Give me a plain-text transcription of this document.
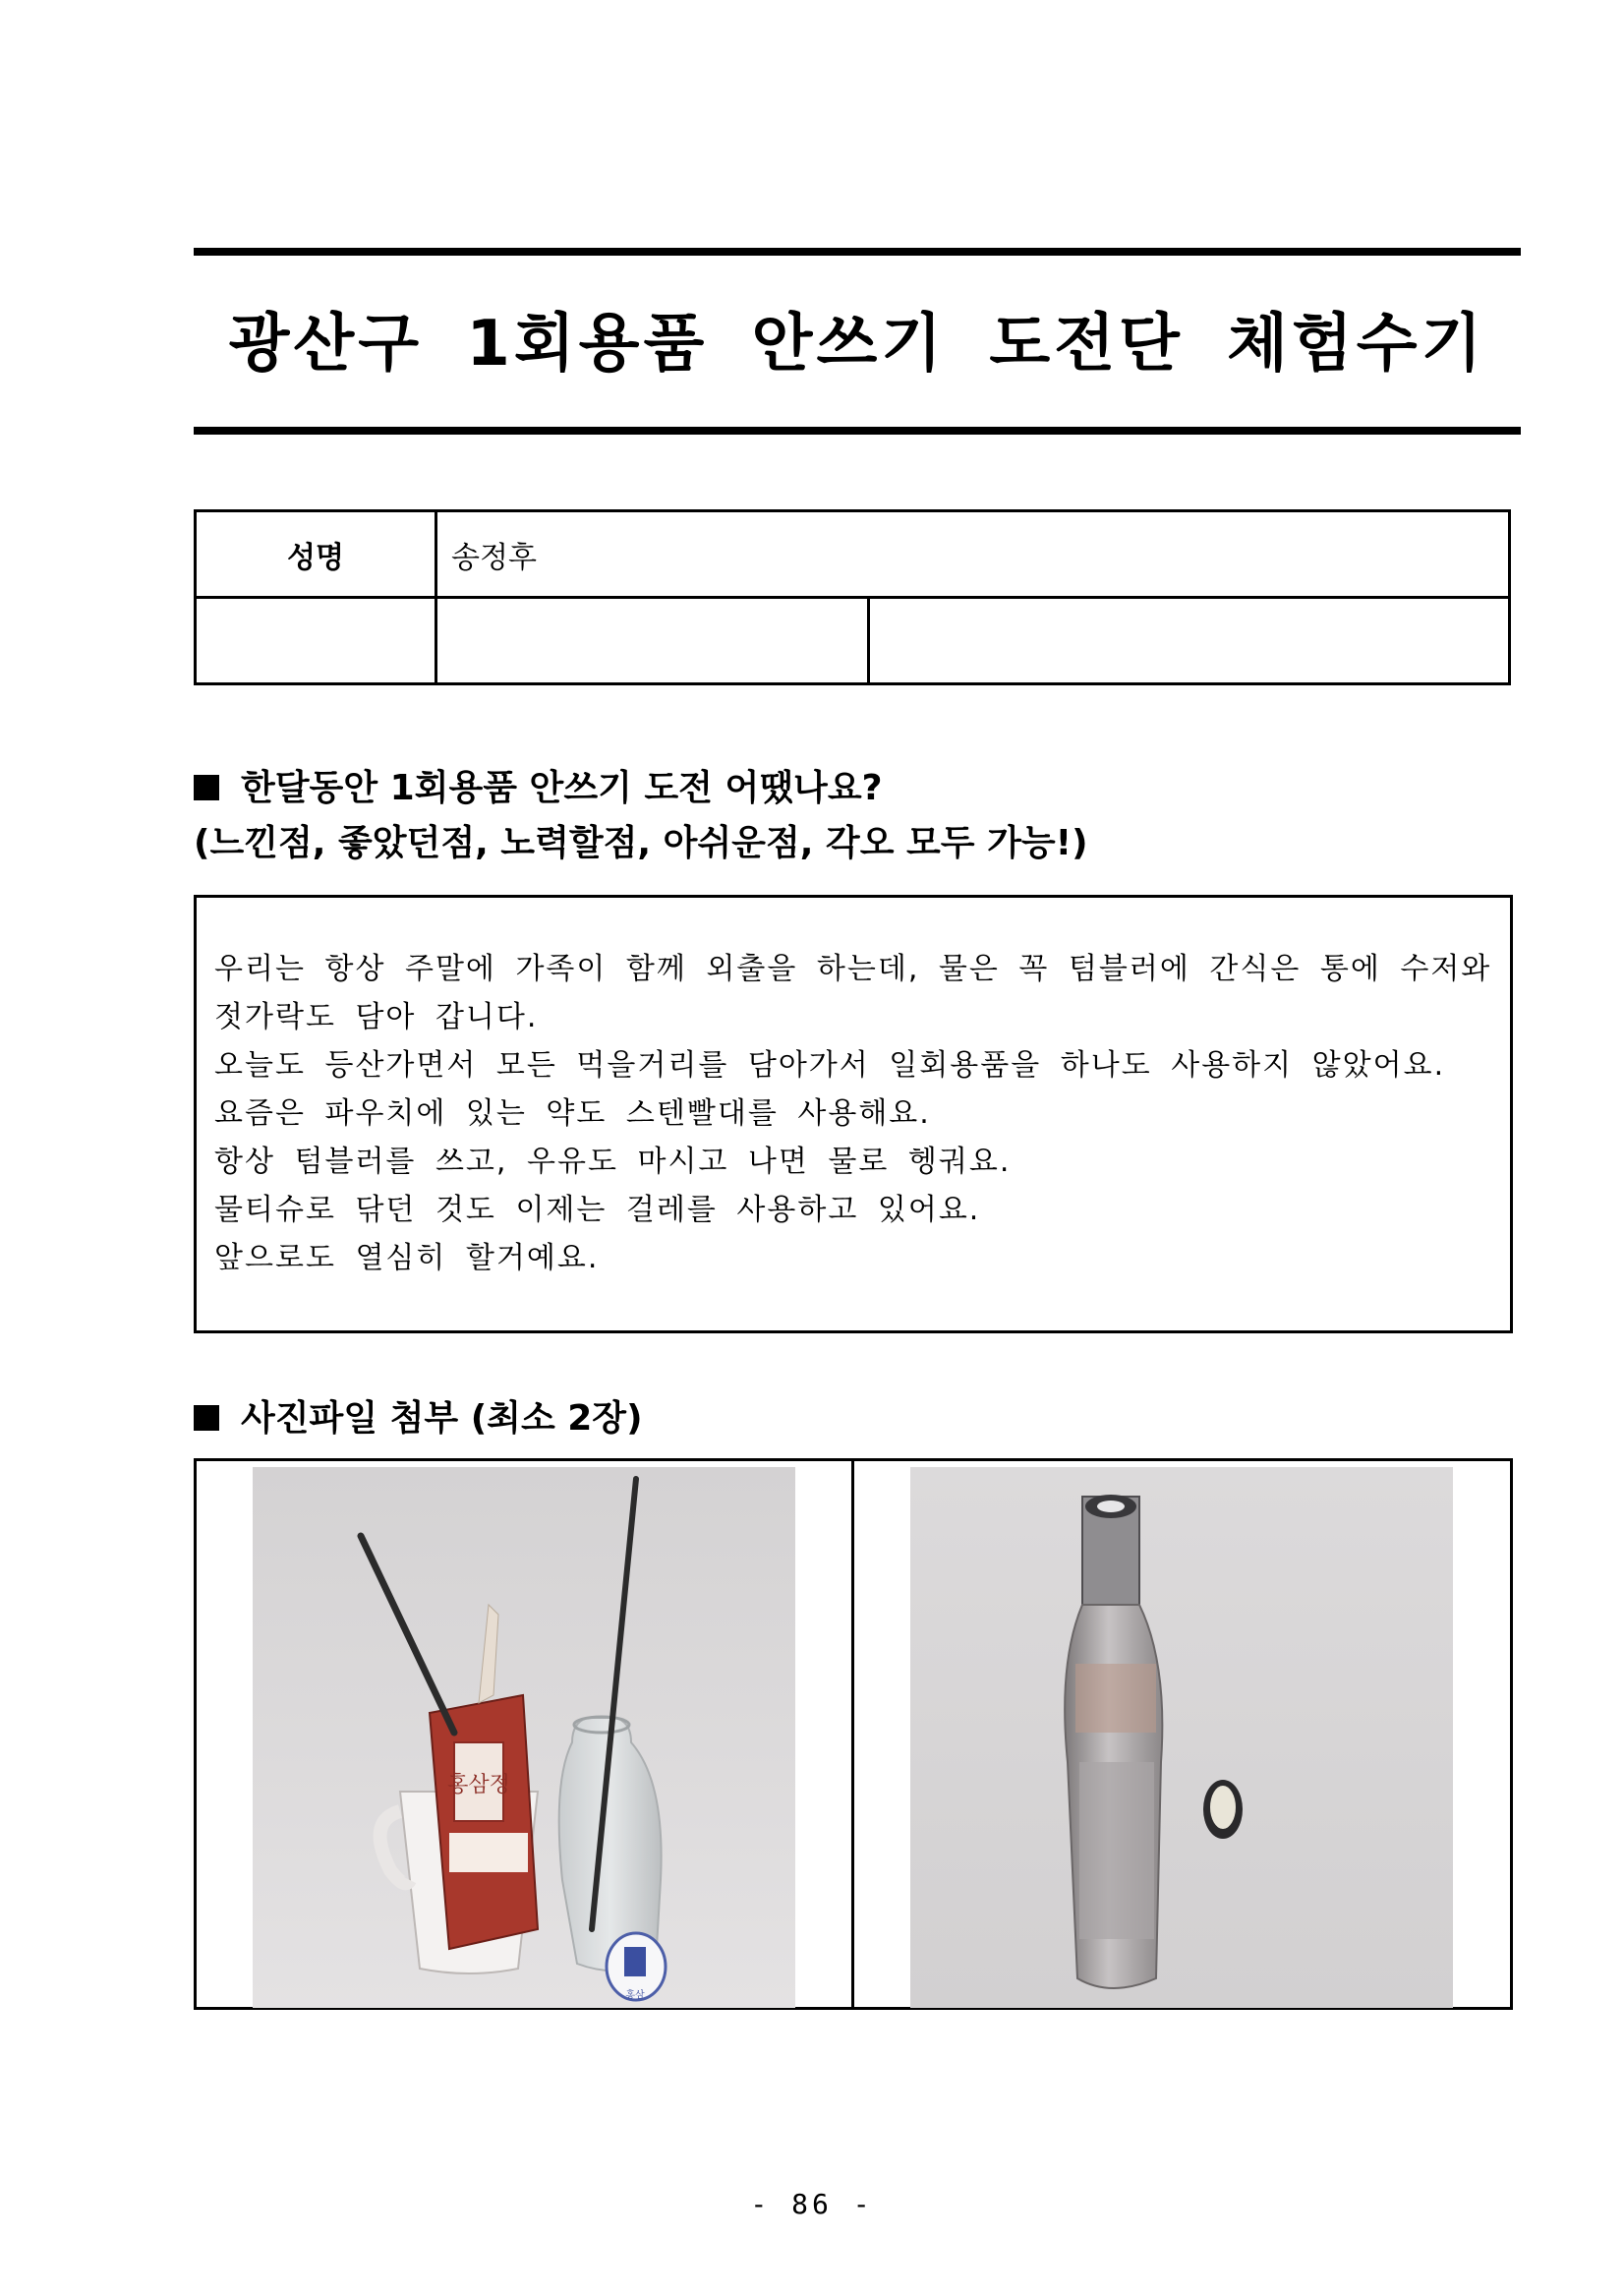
광산구 1회용품 안쓰기 도전단 체험수기
성명	송정후	

한달동안 1회용품 안쓰기 도전 어땠나요?
(느낀점, 좋았던점, 노력할점, 아쉬운점, 각오 모두 가능!)

우리는 항상 주말에 가족이 함께 외출을 하는데, 물은 꼭 텀블러에 간식은 통에 수저와

젓가락도 담아 갑니다.

오늘도 등산가면서 모든 먹을거리를 담아가서 일회용품을 하나도 사용하지 않았어요.

요즘은 파우치에 있는 약도 스텐빨대를 사용해요.

항상 텀블러를 쓰고, 우유도 마시고 나면 물로 헹궈요.

물티슈로 닦던 것도 이제는 걸레를 사용하고 있어요.

앞으로도 열심히 할거예요.

사진파일 첨부 (최소 2장)
홍삼정
홍삼
- 86 -
